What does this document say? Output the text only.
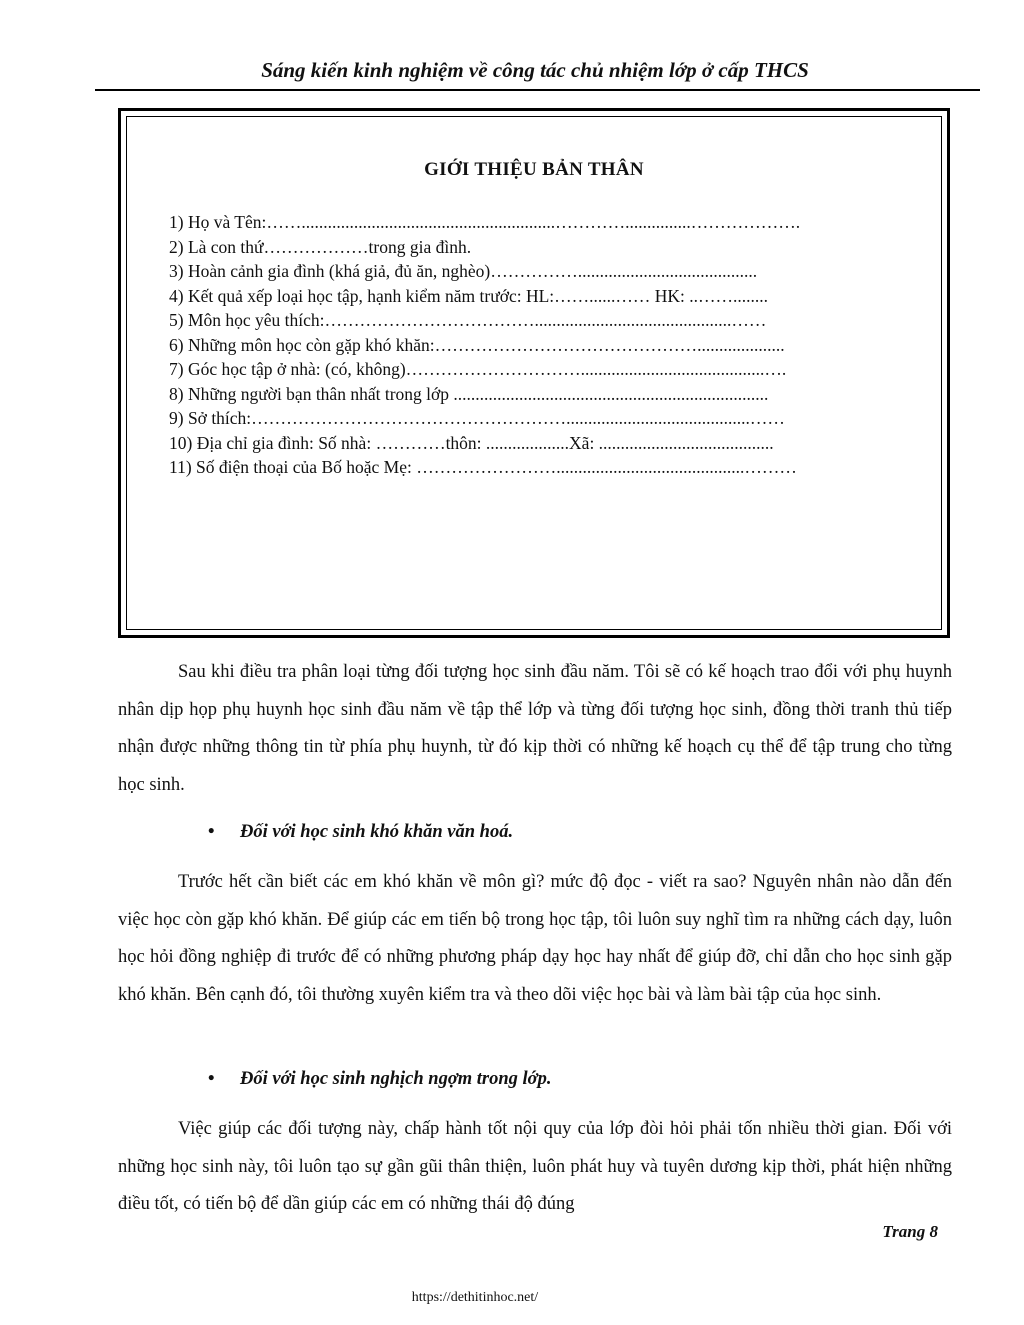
Sáng kiến kinh nghiệm về công tác chủ nhiệm lớp ở cấp THCS
GIỚI THIỆU BẢN THÂN
1) Họ và Tên:……..........................................................…………...............……………….
2) Là con thứ………………trong gia đình.
3) Hoàn cảnh gia đình (khá giả, đủ ăn, nghèo)…………….........................................
4) Kết quả xếp loại học tập, hạnh kiểm năm trước: HL:……......…… HK: ..……........
5) Môn học yêu thích:……………………………….............................................……
6) Những môn học còn gặp khó khăn:………………………………………....................
7) Góc học tập ở nhà: (có, không)…………………………..........................................….
8) Những người bạn thân nhất trong lớp ........................................................................
9) Sở thích:………………………………………………..........................................……
10) Địa chỉ gia đình: Số nhà: …………thôn: ...................Xã: ........................................
11) Số điện thoại của Bố hoặc Mẹ: ……………………...........................................………

Sau khi điều tra phân loại từng đối tượng học sinh đầu năm. Tôi sẽ có kế hoạch trao đổi với phụ huynh nhân dịp họp phụ huynh học sinh đầu năm về tập thể lớp và từng đối tượng học sinh, đồng thời tranh thủ tiếp nhận được những thông tin từ phía phụ huynh, từ đó kịp thời có những kế hoạch cụ thể để tập trung cho từng học sinh.

• Đối với học sinh khó khăn văn hoá.

Trước hết cần biết các em khó khăn về môn gì? mức độ đọc - viết ra sao? Nguyên nhân nào dẫn đến việc học còn gặp khó khăn. Để giúp các em tiến bộ trong học tập, tôi luôn suy nghĩ tìm ra những cách dạy, luôn học hỏi đồng nghiệp đi trước để có những phương pháp dạy học hay nhất để giúp đỡ, chỉ dẫn cho học sinh gặp khó khăn. Bên cạnh đó, tôi thường xuyên kiểm tra và theo dõi việc học bài và làm bài tập của học sinh.

• Đối với học sinh nghịch ngợm trong lớp.

Việc giúp các đối tượng này, chấp hành tốt nội quy của lớp đòi hỏi phải tốn nhiều thời gian. Đối với những học sinh này, tôi luôn tạo sự gần gũi thân thiện, luôn phát huy và tuyên dương kịp thời, phát hiện những điều tốt, có tiến bộ để dần giúp các em có những thái độ đúng

Trang 8
https://dethitinhoc.net/
